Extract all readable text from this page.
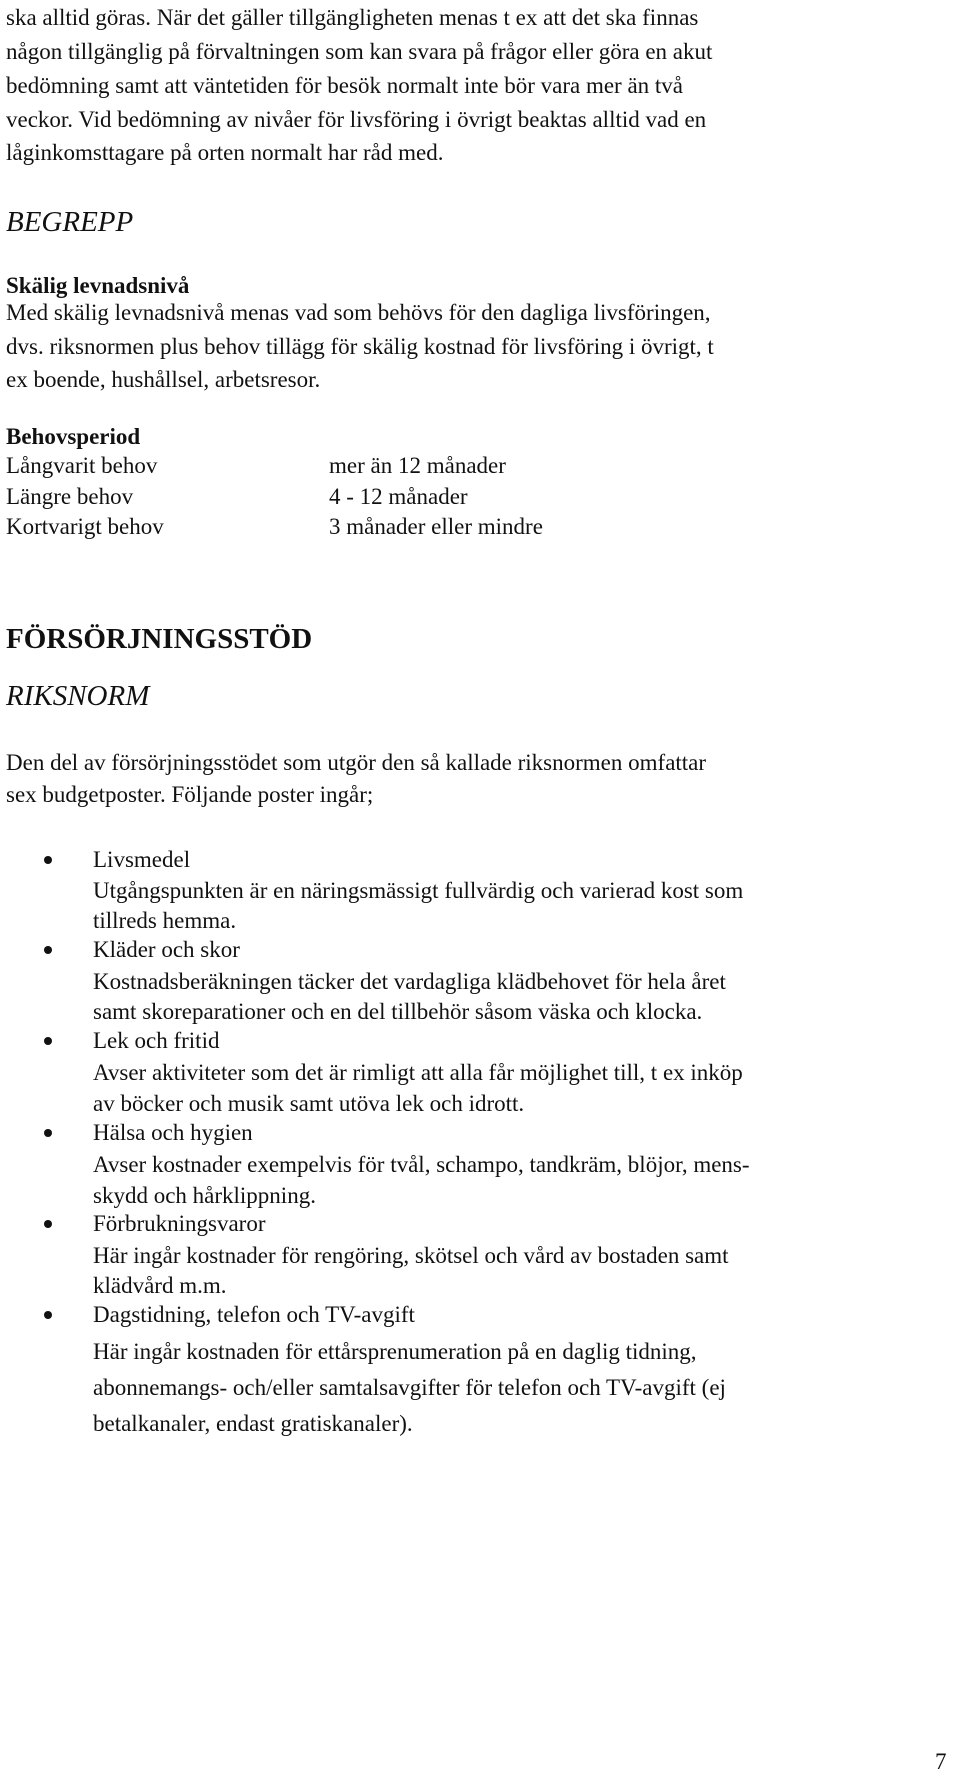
ska alltid göras. När det gäller tillgängligheten menas t ex att det ska finnas

någon tillgänglig på förvaltningen som kan svara på frågor eller göra en akut

bedömning samt att väntetiden för besök normalt inte bör vara mer än två

veckor. Vid bedömning av nivåer för livsföring i övrigt beaktas alltid vad en

låginkomsttagare på orten normalt har råd med.

BEGREPP
Skälig levnadsnivå

Med skälig levnadsnivå menas vad som behövs för den dagliga livsföringen,

dvs. riksnormen plus behov tillägg för skälig kostnad för livsföring i övrigt, t

ex boende, hushållsel, arbetsresor.

Behovsperiod
Långvarit behov	mer än 12 månader
Längre behov	4 - 12 månader
Kortvarigt behov	3 månader eller mindre
FÖRSÖRJNINGSSTÖD
RIKSNORM

Den del av försörjningsstödet som utgör den så kallade riksnormen omfattar

sex budgetposter. Följande poster ingår;

Livsmedel

Utgångspunkten är en näringsmässigt fullvärdig och varierad kost som

tillreds hemma.

Kläder och skor

Kostnadsberäkningen täcker det vardagliga klädbehovet för hela året

samt skoreparationer och en del tillbehör såsom väska och klocka.

Lek och fritid

Avser aktiviteter som det är rimligt att alla får möjlighet till, t ex inköp

av böcker och musik samt utöva lek och idrott.

Hälsa och hygien

Avser kostnader exempelvis för tvål, schampo, tandkräm, blöjor, mens-

skydd och hårklippning.

Förbrukningsvaror

Här ingår kostnader för rengöring, skötsel och vård av bostaden samt

klädvård m.m.

Dagstidning, telefon och TV-avgift

Här ingår kostnaden för ettårsprenumeration på en daglig tidning,

abonnemangs- och/eller samtalsavgifter för telefon och TV-avgift (ej

betalkanaler, endast gratiskanaler).

7
